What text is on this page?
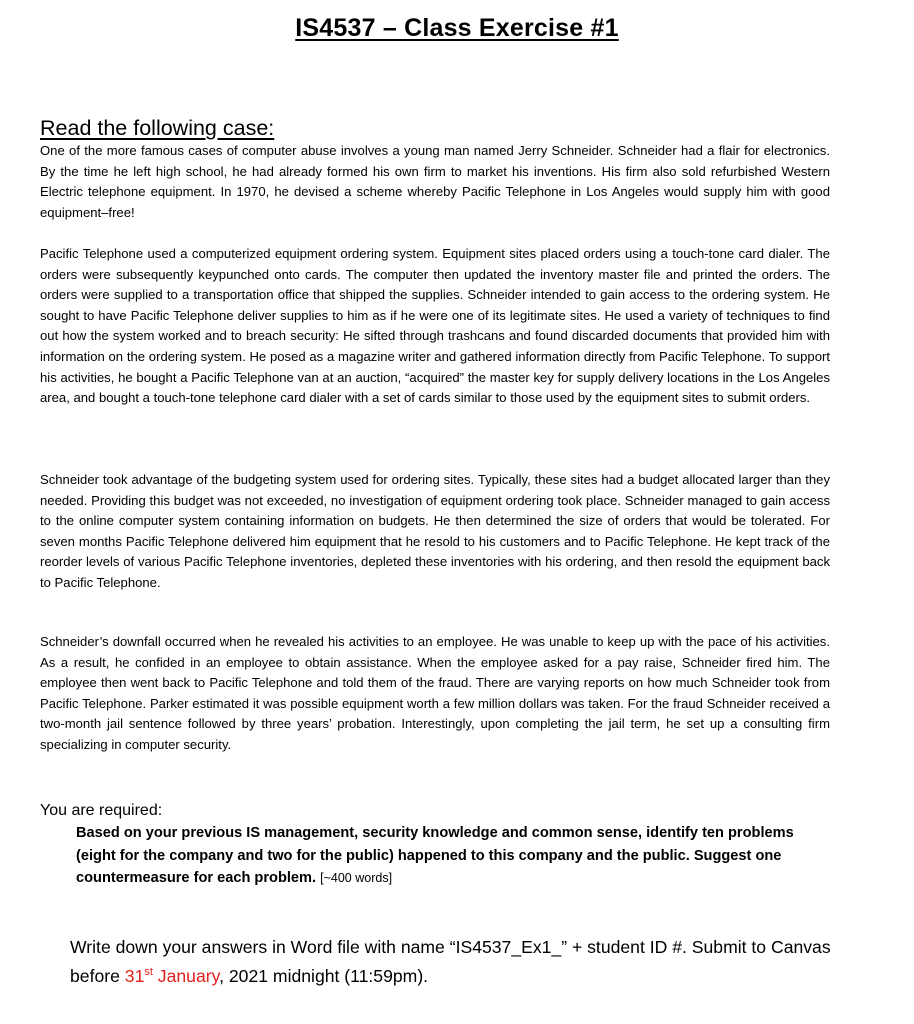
IS4537 – Class Exercise #1
Read the following case:

One of the more famous cases of computer abuse involves a young man named Jerry Schneider. Schneider had a flair for electronics. By the time he left high school, he had already formed his own firm to market his inventions. His firm also sold refurbished Western Electric telephone equipment. In 1970, he devised a scheme whereby Pacific Telephone in Los Angeles would supply him with good equipment–free!

Pacific Telephone used a computerized equipment ordering system. Equipment sites placed orders using a touch-tone card dialer. The orders were subsequently keypunched onto cards. The computer then updated the inventory master file and printed the orders. The orders were supplied to a transportation office that shipped the supplies. Schneider intended to gain access to the ordering system. He sought to have Pacific Telephone deliver supplies to him as if he were one of its legitimate sites. He used a variety of techniques to find out how the system worked and to breach security: He sifted through trashcans and found discarded documents that provided him with information on the ordering system. He posed as a magazine writer and gathered information directly from Pacific Telephone. To support his activities, he bought a Pacific Telephone van at an auction, “acquired” the master key for supply delivery locations in the Los Angeles area, and bought a touch-tone telephone card dialer with a set of cards similar to those used by the equipment sites to submit orders.

Schneider took advantage of the budgeting system used for ordering sites. Typically, these sites had a budget allocated larger than they needed. Providing this budget was not exceeded, no investigation of equipment ordering took place. Schneider managed to gain access to the online computer system containing information on budgets. He then determined the size of orders that would be tolerated. For seven months Pacific Telephone delivered him equipment that he resold to his customers and to Pacific Telephone. He kept track of the reorder levels of various Pacific Telephone inventories, depleted these inventories with his ordering, and then resold the equipment back to Pacific Telephone.

Schneider’s downfall occurred when he revealed his activities to an employee. He was unable to keep up with the pace of his activities. As a result, he confided in an employee to obtain assistance. When the employee asked for a pay raise, Schneider fired him. The employee then went back to Pacific Telephone and told them of the fraud. There are varying reports on how much Schneider took from Pacific Telephone. Parker estimated it was possible equipment worth a few million dollars was taken. For the fraud Schneider received a two-month jail sentence followed by three years’ probation. Interestingly, upon completing the jail term, he set up a consulting firm specializing in computer security.

You are required:
Based on your previous IS management, security knowledge and common sense, identify ten problems (eight for the company and two for the public) happened to this company and the public. Suggest one countermeasure for each problem. [~400 words]
Write down your answers in Word file with name “IS4537_Ex1_” + student ID #. Submit to Canvas before 31st January, 2021 midnight (11:59pm).
